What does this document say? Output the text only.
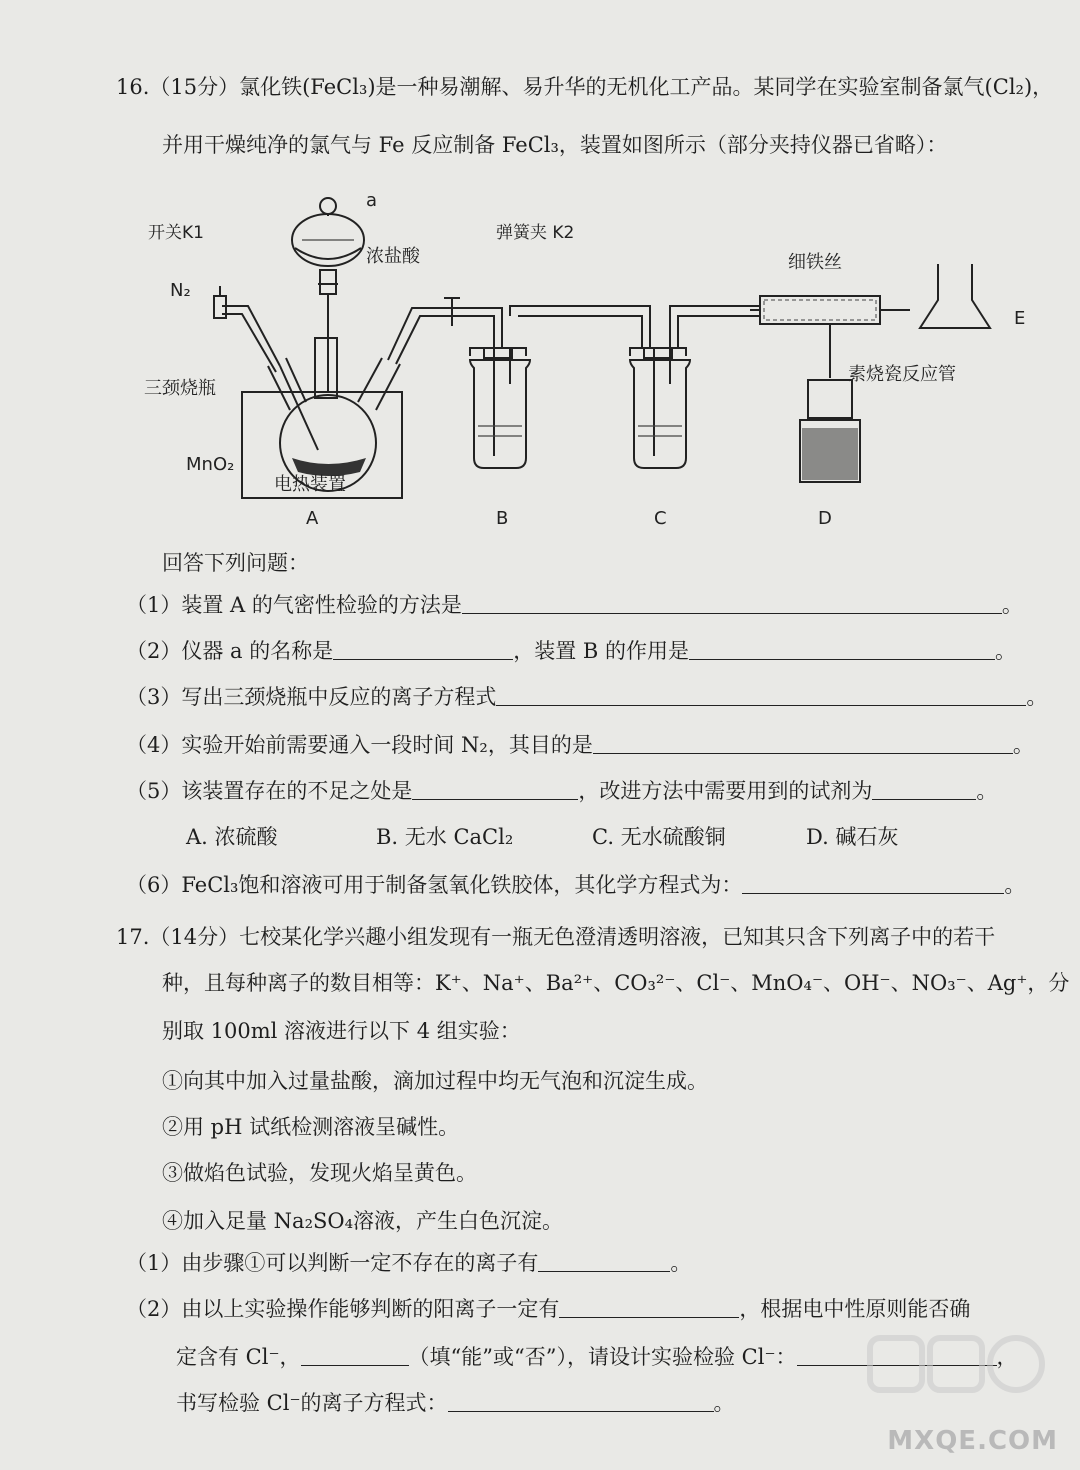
16.（15分）氯化铁(FeCl₃)是一种易潮解、易升华的无机化工产品。某同学在实验室制备氯气(Cl₂)，
并用干燥纯净的氯气与 Fe 反应制备 FeCl₃，装置如图所示（部分夹持仪器已省略）：
开关K1
N₂
a
浓盐酸
弹簧夹 K2
细铁丝
三颈烧瓶
MnO₂
电热装置
素烧瓷反应管
A	B	C	D
E
回答下列问题：
（1）装置 A 的气密性检验的方法是	。
（2）仪器 a 的名称是	，装置 B 的作用是	。
（3）写出三颈烧瓶中反应的离子方程式	。
（4）实验开始前需要通入一段时间 N₂，其目的是	。
（5）该装置存在的不足之处是	，改进方法中需要用到的试剂为	。
A. 浓硫酸	B. 无水 CaCl₂	C. 无水硫酸铜	D. 碱石灰
（6）FeCl₃饱和溶液可用于制备氢氧化铁胶体，其化学方程式为：	。
17.（14分）七校某化学兴趣小组发现有一瓶无色澄清透明溶液，已知其只含下列离子中的若干
种，且每种离子的数目相等：K⁺、Na⁺、Ba²⁺、CO₃²⁻、Cl⁻、MnO₄⁻、OH⁻、NO₃⁻、Ag⁺，分
别取 100ml 溶液进行以下 4 组实验：
①向其中加入过量盐酸，滴加过程中均无气泡和沉淀生成。
②用 pH 试纸检测溶液呈碱性。
③做焰色试验，发现火焰呈黄色。
④加入足量 Na₂SO₄溶液，产生白色沉淀。
（1）由步骤①可以判断一定不存在的离子有	。
（2）由以上实验操作能够判断的阳离子一定有	，根据电中性原则能否确
定含有 Cl⁻，	（填“能”或“否”），请设计实验检验 Cl⁻：	，
书写检验 Cl⁻的离子方程式：	。
MXQE.COM
